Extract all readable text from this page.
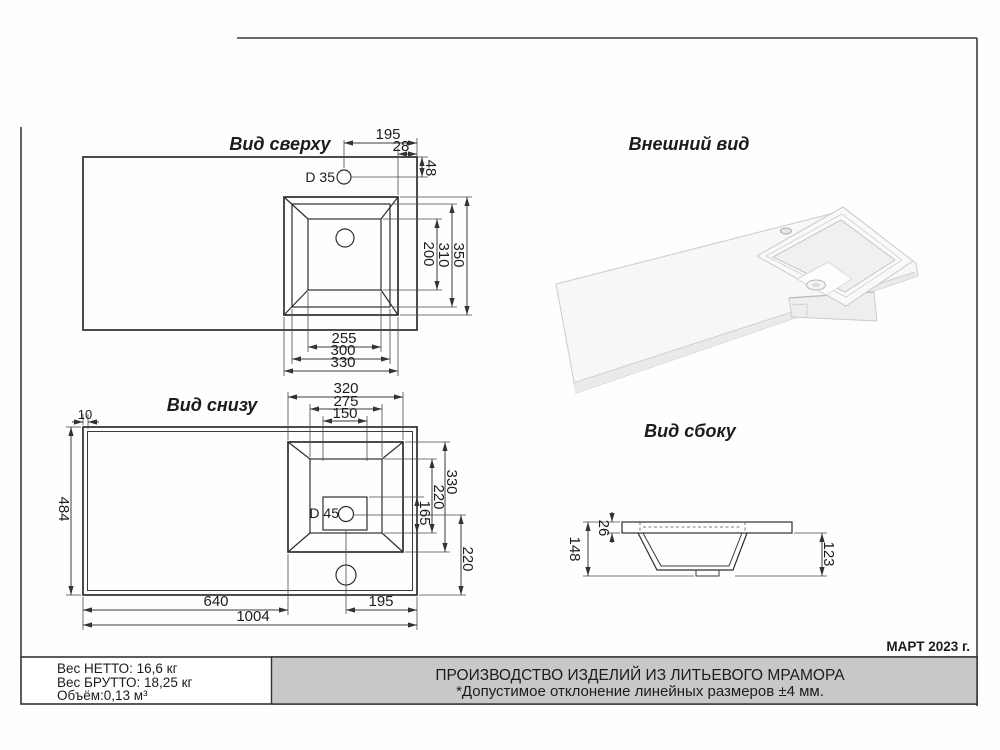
Вид сверху
D 35
195
28
48
200
310
350
255
300
330
Внешний вид
Вид снизу
D 45
320
275
150
10
484	165
220
330
220
640	195
1004
Вид сбоку
148
26
123
МАРТ 2023 г.
Вес НЕТТО: 16,6 кг
Вес БРУТТО: 18,25 кг
Объём:0,13 м³
ПРОИЗВОДСТВО ИЗДЕЛИЙ ИЗ ЛИТЬЕВОГО МРАМОРА
*Допустимое отклонение линейных размеров ±4 мм.
